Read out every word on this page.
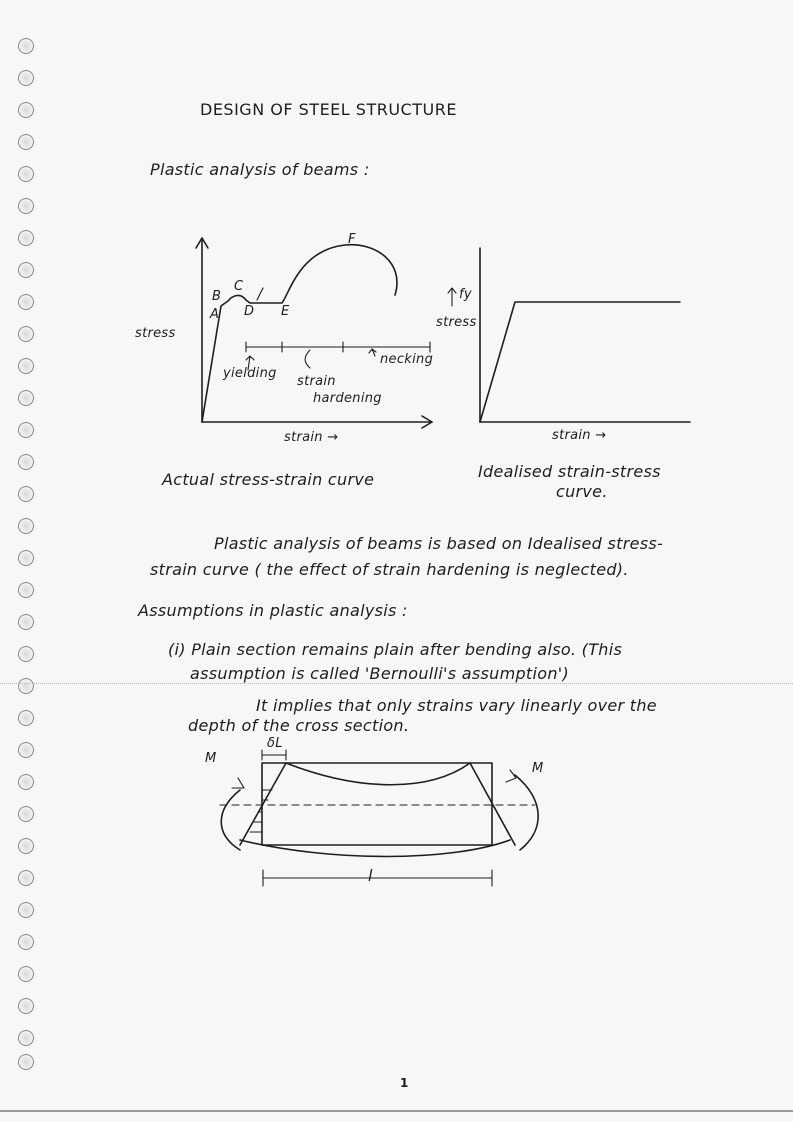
DESIGN OF STEEL STRUCTURE
Plastic analysis of beams :
F
C
B
A D E
stress
yielding
strain
hardening
necking
strain →
Actual stress-strain curve
fy
stress
strain →
Idealised strain-stress
curve.
Plastic analysis of beams is based on Idealised stress-
strain curve ( the effect of strain hardening is neglected).
Assumptions in plastic analysis :
(i) Plain section remains plain after bending also. (This
assumption is called 'Bernoulli's assumption')
It implies that only strains vary linearly over the
depth of the cross section.
M
M
δL
l
1
